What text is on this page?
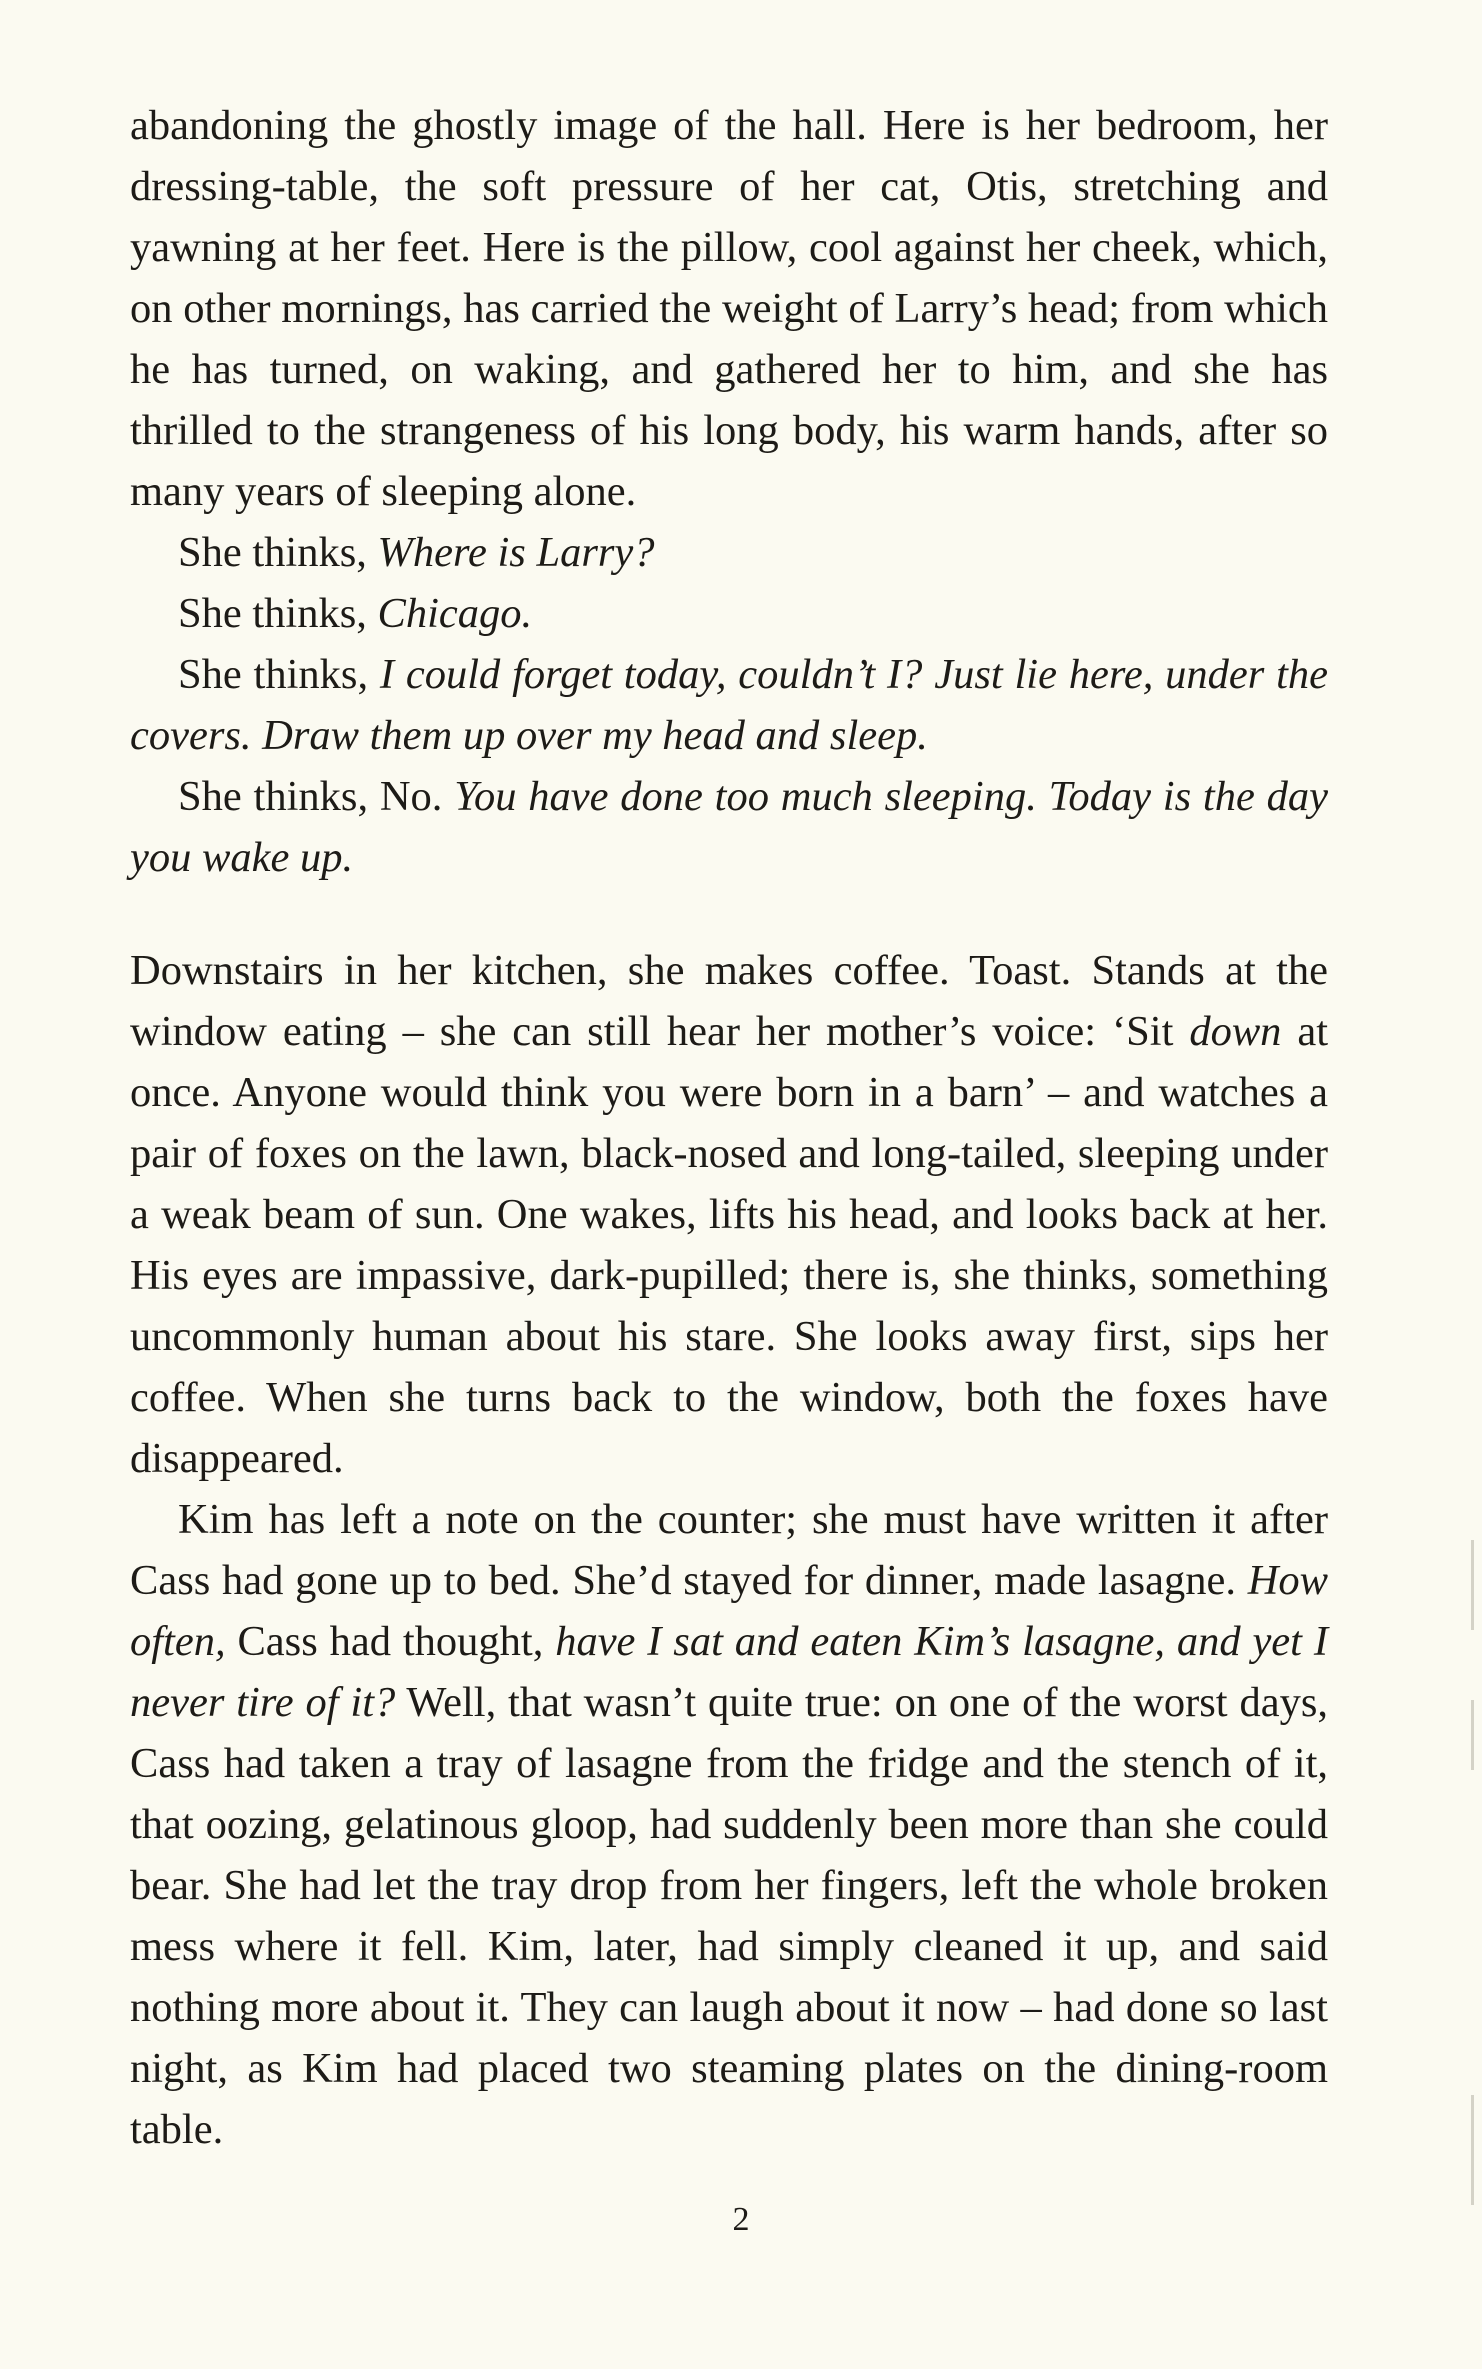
abandoning the ghostly image of the hall. Here is her bedroom, her dressing-table, the soft pressure of her cat, Otis, stretching and yawning at her feet. Here is the pillow, cool against her cheek, which, on other mornings, has carried the weight of Larry’s head; from which he has turned, on waking, and gathered her to him, and she has thrilled to the strangeness of his long body, his warm hands, after so many years of sleeping alone.

She thinks, Where is Larry?

She thinks, Chicago.

She thinks, I could forget today, couldn’t I? Just lie here, under the covers. Draw them up over my head and sleep.

She thinks, No. You have done too much sleeping. Today is the day you wake up.

Downstairs in her kitchen, she makes coffee. Toast. Stands at the window eating – she can still hear her mother’s voice: ‘Sit down at once. Anyone would think you were born in a barn’ – and watches a pair of foxes on the lawn, black-nosed and long-tailed, sleeping under a weak beam of sun. One wakes, lifts his head, and looks back at her. His eyes are impassive, dark-pupilled; there is, she thinks, something uncommonly human about his stare. She looks away first, sips her coffee. When she turns back to the window, both the foxes have disappeared.

Kim has left a note on the counter; she must have written it after Cass had gone up to bed. She’d stayed for dinner, made lasagne. How often, Cass had thought, have I sat and eaten Kim’s lasagne, and yet I never tire of it? Well, that wasn’t quite true: on one of the worst days, Cass had taken a tray of lasagne from the fridge and the stench of it, that oozing, gelatinous gloop, had suddenly been more than she could bear. She had let the tray drop from her fingers, left the whole broken mess where it fell. Kim, later, had simply cleaned it up, and said nothing more about it. They can laugh about it now – had done so last night, as Kim had placed two steaming plates on the dining-room table.

2
